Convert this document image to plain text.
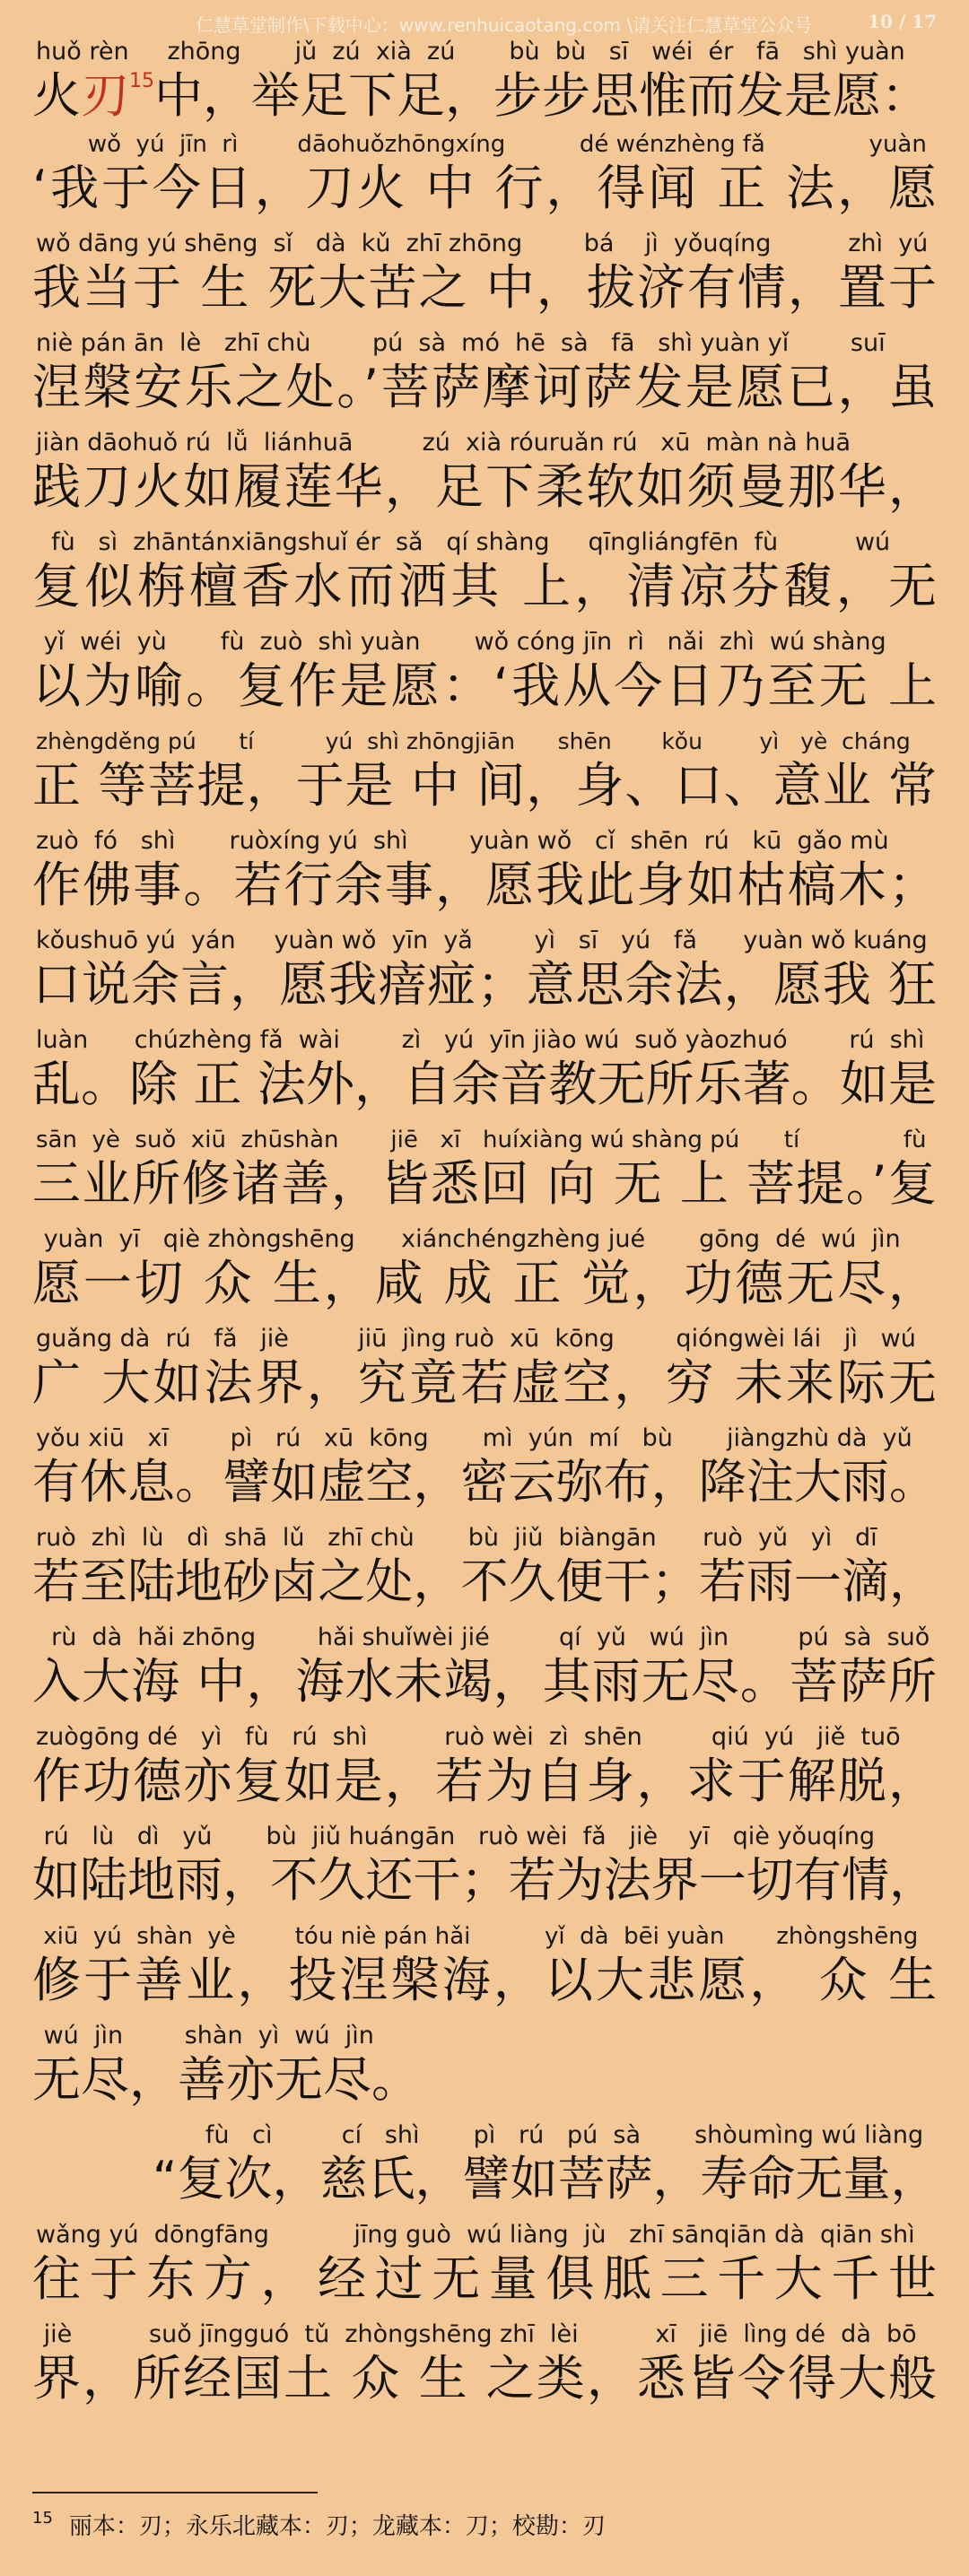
仁慧草堂制作\下载中心：www.renhuicaotang.com \请关注仁慧草堂公众号	10 / 17
huǒ rèn     zhōng       jǔ  zú  xià  zú       bù  bù   sī   wéi  ér   fā   shì yuàn
火刃$^{15}$中，举足下足，步步思惟而发是愿：
wǒ  yú  jīn  rì        dāohuǒzhōngxíng          dé wénzhèng fǎ              yuàn
‘我于今日，刀火 中 行，得闻 正 法，愿
wǒ dāng yú shēng  sǐ   dà  kǔ  zhī zhōng        bá    jì  yǒuqíng          zhì  yú
我当于 生 死大苦之 中，拔济有情，置于
niè pán ān  lè   zhī chù        pú  sà  mó  hē  sà   fā   shì yuàn yǐ        suī
涅槃安乐之处。’菩萨摩诃萨发是愿已，虽
jiàn dāohuǒ rú  lǚ  liánhuā         zú  xià róuruǎn rú   xū  màn nà huā
践刀火如履莲华，足下柔软如须曼那华，
fù   sì  zhāntánxiāngshuǐ ér  sǎ   qí shàng     qīngliángfēn  fù          wú
复似栴檀香水而洒其 上，清凉芬馥，无
yǐ  wéi  yù       fù  zuò  shì yuàn       wǒ cóng jīn  rì   nǎi  zhì  wú shàng
以为喻。复作是愿：‘我从今日乃至无 上
zhèngděng pú      tí          yú  shì zhōngjiān      shēn       kǒu        yì   yè  cháng
正 等菩提，于是 中 间，身、口、意业 常
zuò  fó   shì       ruòxíng yú  shì        yuàn wǒ   cǐ  shēn  rú   kū  gǎo mù
作佛事。若行余事，愿我此身如枯槁木；
kǒushuō yú  yán     yuàn wǒ  yīn  yǎ        yì   sī   yú   fǎ      yuàn wǒ kuáng
口说余言，愿我瘖痖；意思余法，愿我 狂
luàn      chúzhèng fǎ  wài        zì   yú  yīn jiào wú  suǒ yàozhuó        rú  shì
乱。除 正 法外，自余音教无所乐著。如是
sān  yè  suǒ  xiū  zhūshàn       jiē   xī   huíxiàng wú shàng pú      tí              fù
三业所修诸善，皆悉回 向 无 上 菩提。’复
yuàn  yī   qiè zhòngshēng      xiánchéngzhèng jué       gōng  dé  wú  jìn
愿一切 众 生，咸 成 正 觉，功德无尽，
guǎng dà  rú   fǎ   jiè         jiū  jìng ruò  xū  kōng        qióngwèi lái   jì   wú
广 大如法界，究竟若虚空，穷 未来际无
yǒu xiū   xī        pì   rú   xū  kōng       mì  yún  mí   bù       jiàngzhù dà  yǔ
有休息。譬如虚空，密云弥布，降注大雨。
ruò  zhì  lù   dì  shā  lǔ   zhī chù       bù  jiǔ  biàngān      ruò  yǔ   yì   dī
若至陆地砂卤之处，不久便干；若雨一滴，
rù  dà  hǎi zhōng        hǎi shuǐwèi jié         qí  yǔ   wú  jìn         pú  sà  suǒ
入大海 中，海水未竭，其雨无尽。菩萨所
zuògōng dé   yì   fù   rú  shì          ruò wèi  zì  shēn         qiú  yú   jiě  tuō
作功德亦复如是，若为自身，求于解脱，
rú   lù   dì   yǔ       bù  jiǔ huángān   ruò wèi  fǎ   jiè    yī   qiè yǒuqíng
如陆地雨，不久还干；若为法界一切有情，
xiū  yú  shàn  yè        tóu niè pán hǎi          yǐ  dà  bēi yuàn       zhòngshēng
修于善业，投涅槃海，以大悲愿， 众 生
wú  jìn        shàn  yì  wú  jìn
无尽，善亦无尽。
fù   cì         cí   shì       pì   rú   pú  sà       shòumìng wú liàng
“复次，慈氏，譬如菩萨，寿命无量，
wǎng yú  dōngfāng           jīng guò  wú liàng  jù   zhī sānqiān dà  qiān shì
往于东方，经过无量俱胝三千大千世
jiè          suǒ jīngguó  tǔ  zhòngshēng zhī  lèi          xī   jiē  lìng dé  dà  bō
界，所经国土 众 生 之类，悉皆令得大般
$^{15}$ 丽本：刃；永乐北藏本：刃；龙藏本：刀；校勘：刃
